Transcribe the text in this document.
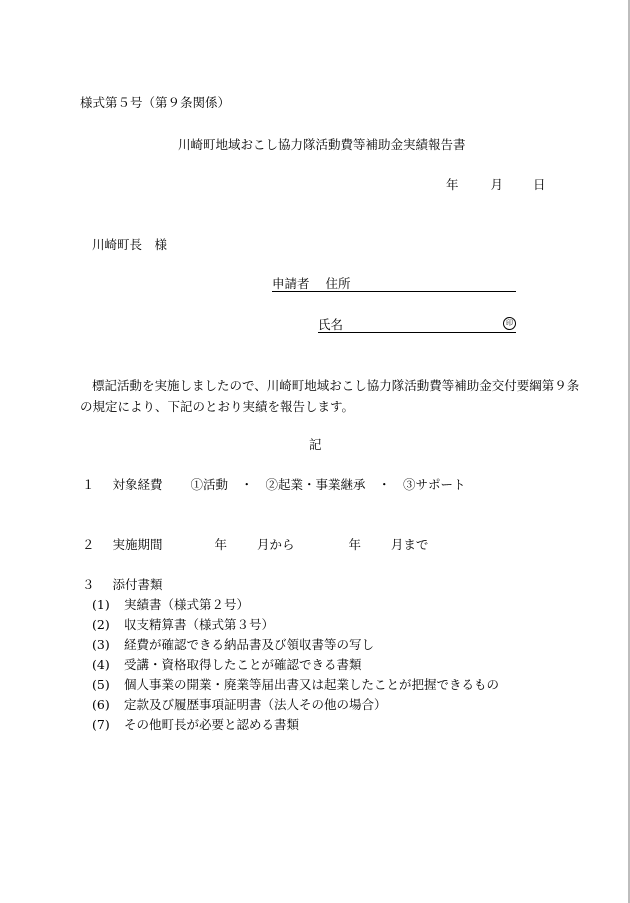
様式第５号（第９条関係）
川崎町地域おこし協力隊活動費等補助金実績報告書
年	月 日
川崎町長　様
申請者 住所
氏名	印
標記活動を実施しましたので、川崎町地域おこし協力隊活動費等補助金交付要綱第９条
の規定により、下記のとおり実績を報告します。
記
１ 対象経費 ①活動　・　②起業・事業継承　・　③サポート
２ 実施期間	年 月から	年 月まで
３ 添付書類
(1) 実績書（様式第２号）
(2) 収支精算書（様式第３号）
(3) 経費が確認できる納品書及び領収書等の写し
(4) 受講・資格取得したことが確認できる書類
(5) 個人事業の開業・廃業等届出書又は起業したことが把握できるもの
(6) 定款及び履歴事項証明書（法人その他の場合）
(7) その他町長が必要と認める書類
